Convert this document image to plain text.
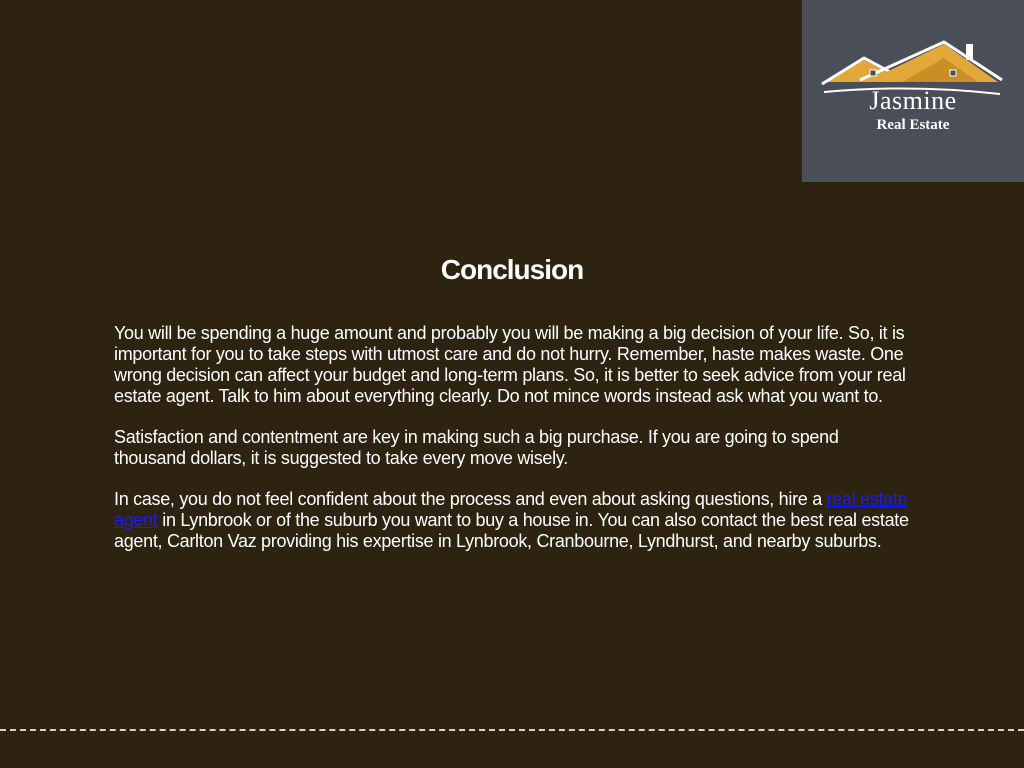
Jasmine
Real Estate
Conclusion

You will be spending a huge amount and probably you will be making a big decision of your life. So, it is important for you to take steps with utmost care and do not hurry. Remember, haste makes waste. One wrong decision can affect your budget and long-term plans. So, it is better to seek advice from your real estate agent. Talk to him about everything clearly. Do not mince words instead ask what you want to.

Satisfaction and contentment are key in making such a big purchase. If you are going to spend thousand dollars, it is suggested to take every move wisely.

In case, you do not feel confident about the process and even about asking questions, hire a real estate agent in Lynbrook or of the suburb you want to buy a house in. You can also contact the best real estate agent, Carlton Vaz providing his expertise in Lynbrook, Cranbourne, Lyndhurst, and nearby suburbs.
